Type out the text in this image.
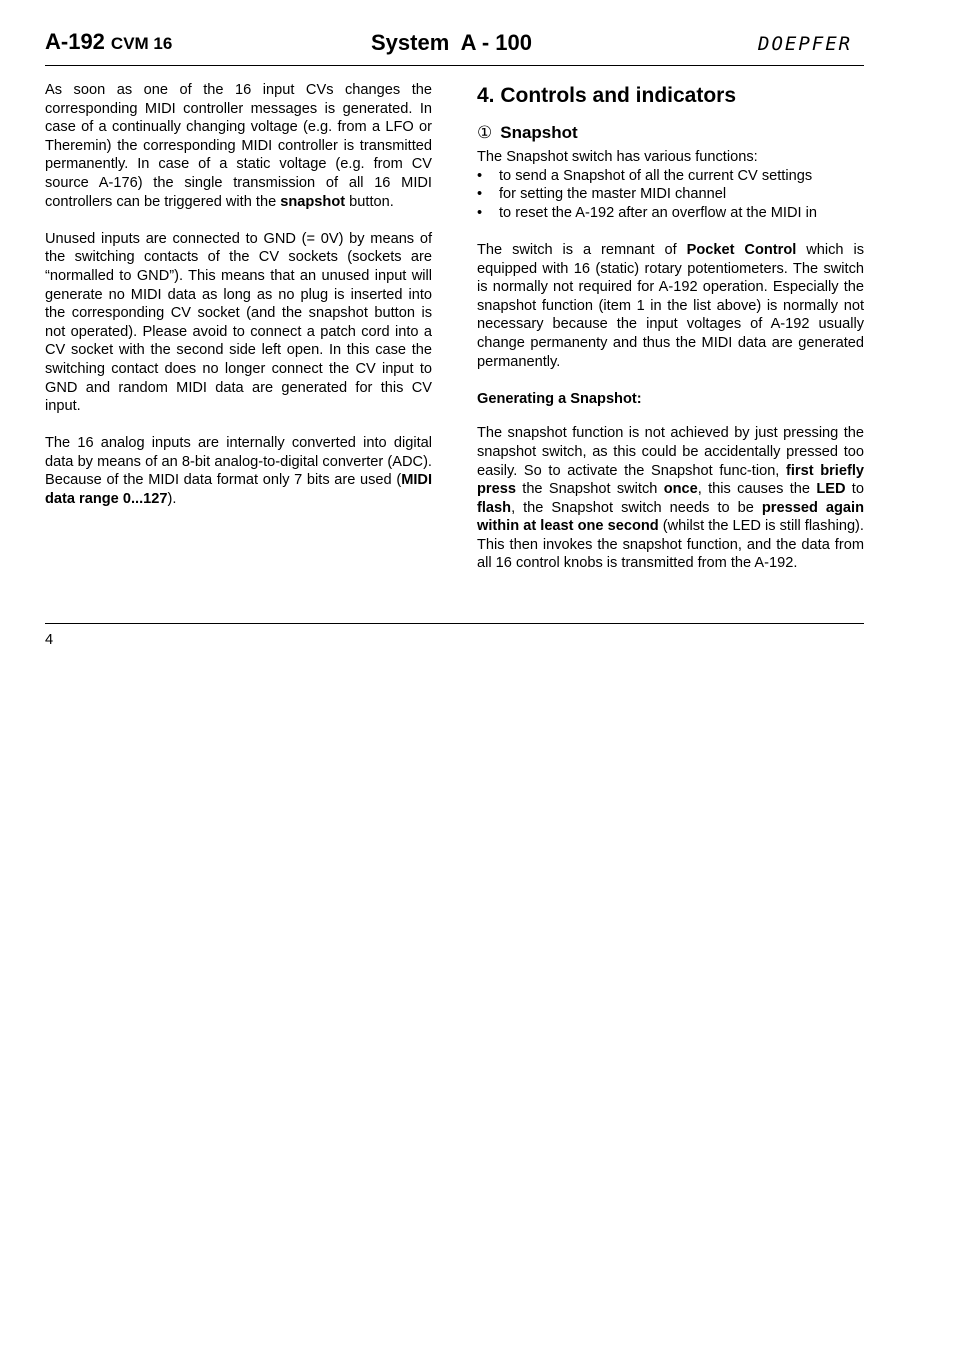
A-192 CVM 16	System  A - 100	DOEPFER

As soon as one of the 16 input CVs changes the corresponding MIDI controller messages is generated. In case of a continually changing voltage (e.g. from a LFO or Theremin) the corresponding MIDI controller is transmitted permanently. In case of a static voltage (e.g. from CV source A-176) the single transmission of all 16 MIDI controllers can be triggered with the snapshot button.

Unused inputs are connected to GND (= 0V) by means of the switching contacts of the CV sockets (sockets are “normalled to GND”). This means that an unused input will generate no MIDI data as long as no plug is inserted into the corresponding CV socket (and the snapshot button is not operated). Please avoid to connect a patch cord into a CV socket with the second side left open. In this case the switching contact does no longer connect the CV input to GND and random MIDI data are generated for this CV input.

The 16 analog inputs are internally converted into digital data by means of an 8-bit analog-to-digital converter (ADC). Because of the MIDI data format only 7 bits are used (MIDI data range 0...127).

4. Controls and indicators
① Snapshot
The Snapshot switch has various functions:
• to send a Snapshot of all the current CV settings
• for setting the master MIDI channel
• to reset the A-192 after an overflow at the MIDI in

The switch is a remnant of Pocket Control which is equipped with 16 (static) rotary potentiometers. The switch is normally not required for A-192 operation. Especially the snapshot function (item 1 in the list above) is normally not necessary because the input voltages of A-192 usually change permanenty and thus the MIDI data are generated permanently.

Generating a Snapshot:

The snapshot function is not achieved by just pressing the snapshot switch, as this could be accidentally pressed too easily. So to activate the Snapshot func-tion, first briefly press the Snapshot switch once, this causes the LED to flash, the Snapshot switch needs to be pressed again within at least one second (whilst the LED is still flashing). This then invokes the snapshot function, and the data from all 16 control knobs is transmitted from the A-192.

4
